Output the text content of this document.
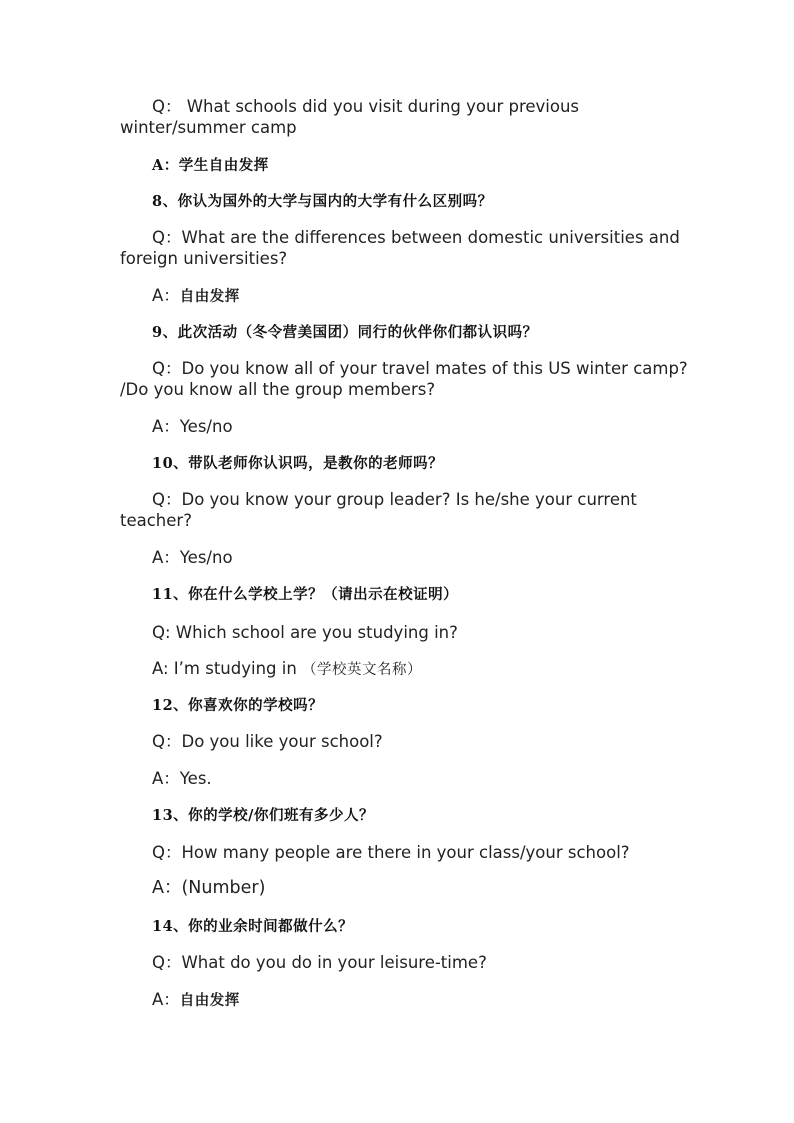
Q： What schools did you visit during your previous winter/summer camp

A：学生自由发挥

8、你认为国外的大学与国内的大学有什么区别吗？

Q：What are the differences between domestic universities and foreign universities?

A：自由发挥

9、此次活动（冬令营美国团）同行的伙伴你们都认识吗？

Q：Do you know all of your travel mates of this US winter camp? /Do you know all the group members?

A：Yes/no

10、带队老师你认识吗，是教你的老师吗？

Q：Do you know your group leader? Is he/she your current teacher?

A：Yes/no

11、你在什么学校上学？（请出示在校证明）

Q: Which school are you studying in?

A: I’m studying in （学校英文名称）

12、你喜欢你的学校吗？

Q：Do you like your school?

A：Yes.

13、你的学校/你们班有多少人？

Q：How many people are there in your class/your school?

A：(Number)

14、你的业余时间都做什么？

Q：What do you do in your leisure-time?

A：自由发挥
